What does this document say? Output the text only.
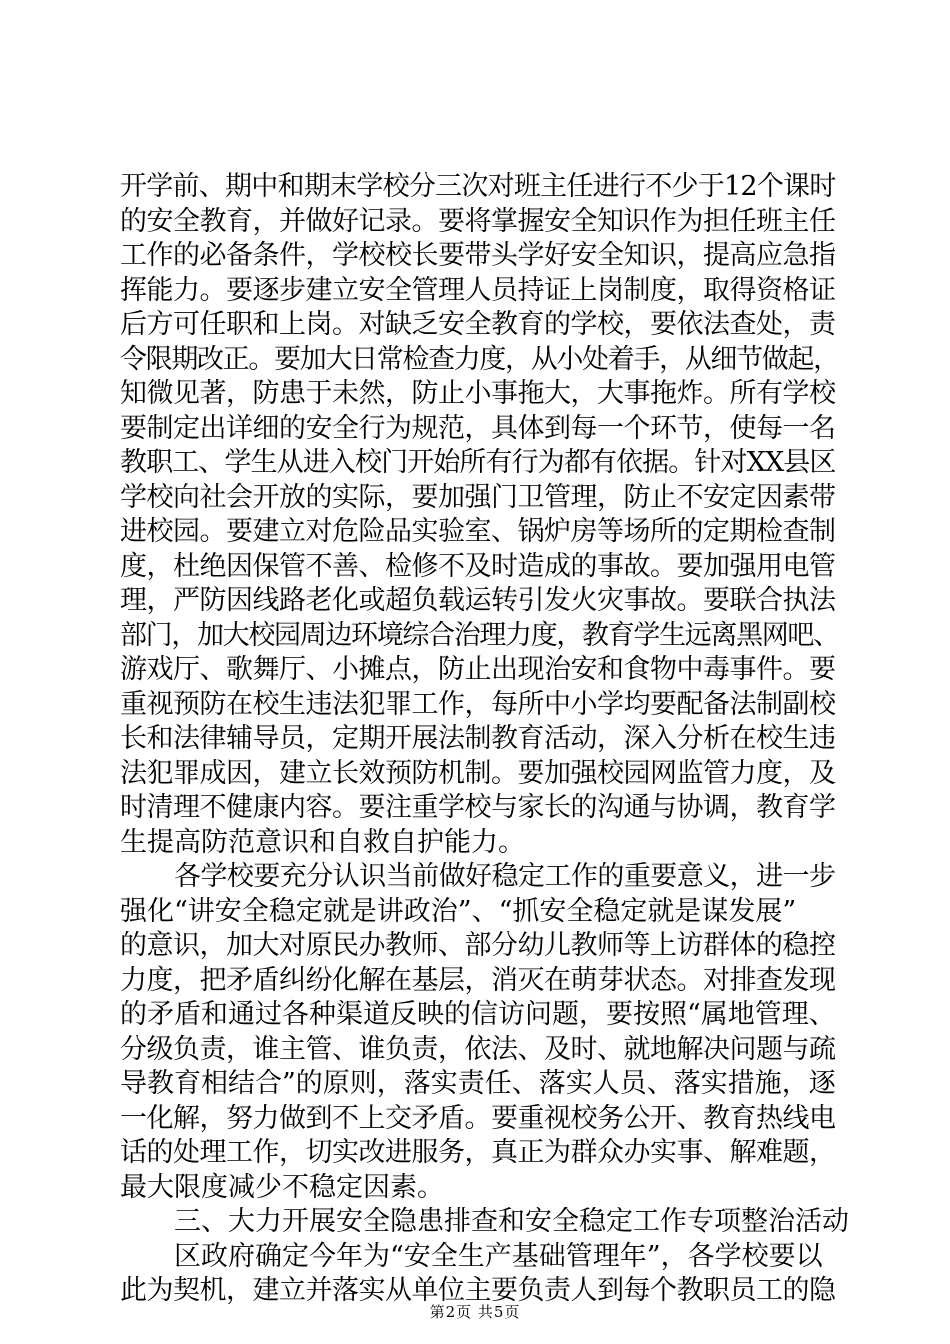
开学前、期中和期末学校分三次对班主任进行不少于12个课时
的安全教育，并做好记录。要将掌握安全知识作为担任班主任
工作的必备条件，学校校长要带头学好安全知识，提高应急指
挥能力。要逐步建立安全管理人员持证上岗制度，取得资格证
后方可任职和上岗。对缺乏安全教育的学校，要依法查处，责
令限期改正。要加大日常检查力度，从小处着手，从细节做起，
知微见著，防患于未然，防止小事拖大，大事拖炸。所有学校
要制定出详细的安全行为规范，具体到每一个环节，使每一名
教职工、学生从进入校门开始所有行为都有依据。针对XX县区
学校向社会开放的实际，要加强门卫管理，防止不安定因素带
进校园。要建立对危险品实验室、锅炉房等场所的定期检查制
度，杜绝因保管不善、检修不及时造成的事故。要加强用电管
理，严防因线路老化或超负载运转引发火灾事故。要联合执法
部门，加大校园周边环境综合治理力度，教育学生远离黑网吧、
游戏厅、歌舞厅、小摊点，防止出现治安和食物中毒事件。要
重视预防在校生违法犯罪工作，每所中小学均要配备法制副校
长和法律辅导员，定期开展法制教育活动，深入分析在校生违
法犯罪成因，建立长效预防机制。要加强校园网监管力度，及
时清理不健康内容。要注重学校与家长的沟通与协调，教育学
生提高防范意识和自救自护能力。
各学校要充分认识当前做好稳定工作的重要意义，进一步
强化“讲安全稳定就是讲政治”、“抓安全稳定就是谋发展”
的意识，加大对原民办教师、部分幼儿教师等上访群体的稳控
力度，把矛盾纠纷化解在基层，消灭在萌芽状态。对排查发现
的矛盾和通过各种渠道反映的信访问题，要按照“属地管理、
分级负责，谁主管、谁负责，依法、及时、就地解决问题与疏
导教育相结合”的原则，落实责任、落实人员、落实措施，逐
一化解，努力做到不上交矛盾。要重视校务公开、教育热线电
话的处理工作，切实改进服务，真正为群众办实事、解难题，
最大限度减少不稳定因素。
三、大力开展安全隐患排查和安全稳定工作专项整治活动
区政府确定今年为“安全生产基础管理年”，各学校要以
此为契机，建立并落实从单位主要负责人到每个教职员工的隐
第2页 共5页
